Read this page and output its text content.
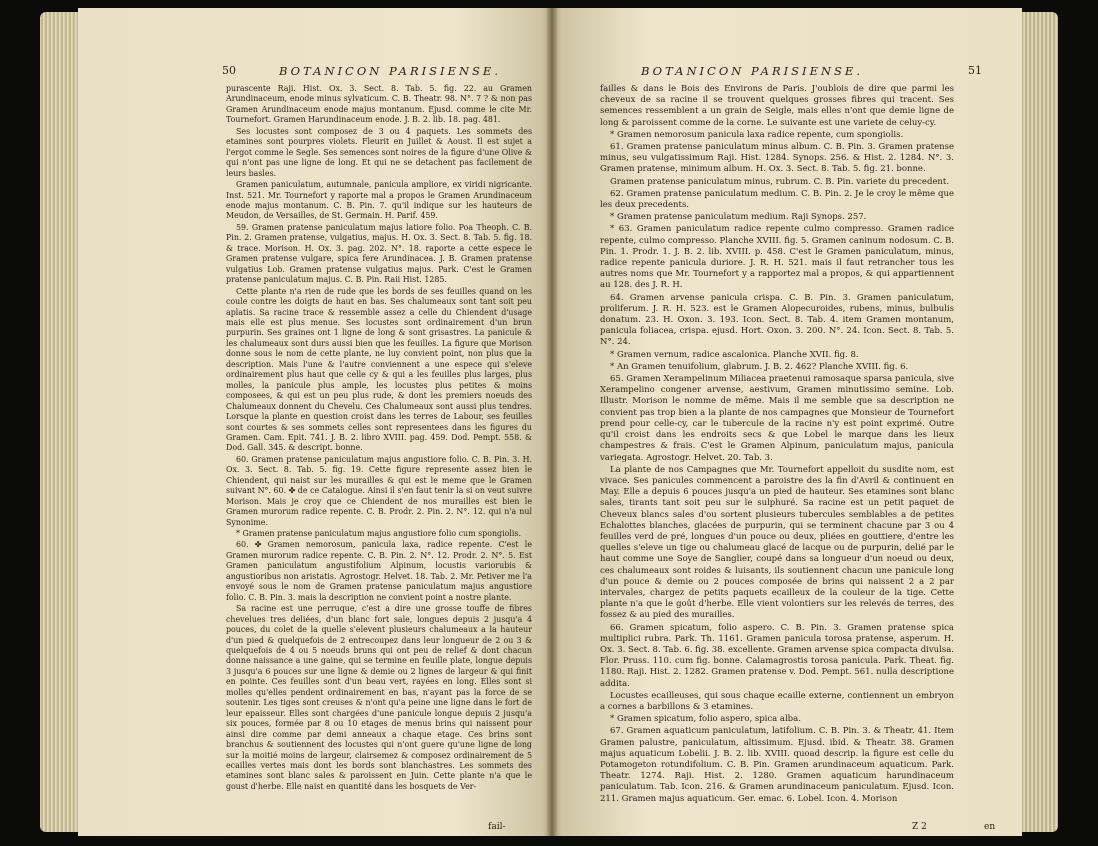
50	BOTANICON PARISIENSE.

purascente Raji. Hist. Ox. 3. Sect. 8. Tab. 5. fig. 22. au Gramen Arundinaceum, enode minus sylvaticum. C. B. Theatr. 98. N°. 7 ? & non pas Gramen Arundinaceum enode majus montanum. Ejusd. comme le cite Mr. Tournefort. Gramen Harundinaceum enode. J. B. 2. lib. 18. pag. 481.

Ses locustes sont composez de 3 ou 4 paquets. Les sommets des etamines sont pourpres violets. Fleurit en Juillet & Aoust. Il est sujet a l'ergot comme le Segle. Ses semences sont noires de la figure d'une Olive & qui n'ont pas une ligne de long. Et qui ne se detachent pas facilement de leurs basles.

Gramen paniculatum, autumnale, panicula ampliore, ex viridi nigricante. Inst. 521. Mr. Tournefort y raporte mal a propos le Gramen Arundinaceum enode majus montanum. C. B. Pin. 7. qu'il indique sur les hauteurs de Meudon, de Versailles, de St. Germain. H. Parif. 459.

59. Gramen pratense paniculatum majus latiore folio. Poa Theoph. C. B. Pin. 2. Gramen pratense, vulgatius, majus. H. Ox. 3. Sect. 8. Tab. 5. fig. 18. & trace. Morison. H. Ox. 3. pag. 202. N°. 18. raporte a cette espece le Gramen pratense vulgare, spica fere Arundinacea. J. B. Gramen pratense vulgatius Lob. Gramen pratense vulgatius majus. Park. C'est le Gramen pratense paniculatum majus. C. B. Pin. Raii Hist. 1285.

Cette plante n'a rien de rude que les bords de ses feuilles quand on les coule contre les doigts de haut en bas. Ses chalumeaux sont tant soit peu aplatis. Sa racine trace & ressemble assez a celle du Chiendent d'usage mais elle est plus menue. Ses locustes sont ordinairement d'un brun purpurin. Ses graines ont 1 ligne de long & sont grisastres. La panicule & les chalumeaux sont durs aussi bien que les feuilles. La figure que Morison donne sous le nom de cette plante, ne luy convient point, non plus que la description. Mais l'une & l'autre conviennent a une espece qui s'eleve ordinairement plus haut que celle cy & qui a les feuilles plus larges, plus molles, la panicule plus ample, les locustes plus petites & moins composees, & qui est un peu plus rude, & dont les premiers noeuds des Chalumeaux donnent du Chevelu. Ces Chalumeaux sont aussi plus tendres. Lorsque la plante en question croist dans les terres de Labour, ses feuilles sont courtes & ses sommets celles sont representees dans les figures du Gramen. Cam. Epit. 741. J. B. 2. libro XVIII. pag. 459. Dod. Pempt. 558. & Dod. Gall. 345. & descript. bonne.

60. Gramen pratense paniculatum majus angustiore folio. C. B. Pin. 3. H. Ox. 3. Sect. 8. Tab. 5. fig. 19. Cette figure represente assez bien le Chiendent, qui naist sur les murailles & qui est le meme que le Gramen suivant N°. 60. ✤ de ce Catalogue. Ainsi il s'en faut tenir la si on veut suivre Morison. Mais je croy que ce Chiendent de nos murailles est bien le Gramen murorum radice repente. C. B. Prodr. 2. Pin. 2. N°. 12. qui n'a nul Synonime.

* Gramen pratense paniculatum majus angustiore folio cum spongiolis.

60. ✤ Gramen nemorosum, panicula laxa, radice repente. C'est le Gramen murorum radice repente. C. B. Pin. 2. N°. 12. Prodr. 2. N°. 5. Est Gramen paniculatum angustifolium Alpinum, locustis variorubis & angustioribus non aristatis. Agrostogr. Helvet. 18. Tab. 2. Mr. Petiver me l'a envoyé sous le nom de Gramen pratense paniculatum majus angustiore folio. C. B. Pin. 3. mais la description ne convient point a nostre plante.

Sa racine est une perruque, c'est a dire une grosse touffe de fibres chevelues tres deliées, d'un blanc fort sale, longues depuis 2 jusqu'a 4 pouces, du colet de la quelle s'elevent plusieurs chalumeaux a la hauteur d'un pied & quelquefois de 2 entrecoupez dans leur longueur de 2 ou 3 & quelquefois de 4 ou 5 noeuds bruns qui ont peu de relief & dont chacun donne naissance a une gaine, qui se termine en feuille plate, longue depuis 3 jusqu'a 6 pouces sur une ligne & demie ou 2 lignes de largeur & qui finit en pointe. Ces feuilles sont d'un beau vert, rayées en long. Elles sont si molles qu'elles pendent ordinairement en bas, n'ayant pas la force de se soutenir. Les tiges sont creuses & n'ont qu'a peine une ligne dans le fort de leur epaisseur. Elles sont chargées d'une panicule longue depuis 2 jusqu'a six pouces, formée par 8 ou 10 etages de menus brins qui naissent pour ainsi dire comme par demi anneaux a chaque etage. Ces brins sont branchus & soutiennent des locustes qui n'ont guere qu'une ligne de long sur la moitié moins de largeur, clairsemez & composez ordinairement de 5 ecailles vertes mais dont les bords sont blanchastres. Les sommets des etamines sont blanc sales & paroissent en Juin. Cette plante n'a que le goust d'herbe. Elle naist en quantité dans les bosquets de Ver-

fail-
BOTANICON PARISIENSE.	51

failles & dans le Bois des Environs de Paris. J'oublois de dire que parmi les cheveux de sa racine il se trouvent quelques grosses fibres qui tracent. Ses semences ressemblent a un grain de Seigle, mais elles n'ont que demie ligne de long & paroissent comme de la corne. Le suivante est une variete de celuy-cy.

* Gramen nemorosum panicula laxa radice repente, cum spongiolis.

61. Gramen pratense paniculatum minus album. C. B. Pin. 3. Gramen pratense minus, seu vulgatissimum Raji. Hist. 1284. Synops. 256. & Hist. 2. 1284. N°. 3. Gramen pratense, minimum album. H. Ox. 3. Sect. 8. Tab. 5. fig. 21. bonne.

Gramen pratense paniculatum minus, rubrum. C. B. Pin. variete du precedent.

62. Gramen pratense paniculatum medium. C. B. Pin. 2. Je le croy le même que les deux precedents.

* Gramen pratense paniculatum medium. Raji Synops. 257.

* 63. Gramen paniculatum radice repente culmo compresso. Gramen radice repente, culmo compresso. Planche XVIII. fig. 5. Gramen caninum nodosum. C. B. Pin. 1. Prodr. 1. J. B. 2. lib. XVIII. p. 458. C'est le Gramen paniculatum, minus, radice repente panicula duriore. J. R. H. 521. mais il faut retrancher tous les autres noms que Mr. Tournefort y a rapportez mal a propos, & qui appartiennent au 128. des J. R. H.

64. Gramen arvense panicula crispa. C. B. Pin. 3. Gramen paniculatum, proliferum. J. R. H. 523. est le Gramen Alopecuroides, rubens, minus, bulbulis donatum. 23. H. Oxon. 3. 193. Icon. Sect. 8. Tab. 4. item Gramen montanum, panicula foliacea, crispa. ejusd. Hort. Oxon. 3. 200. N°. 24. Icon. Sect. 8. Tab. 5. N°. 24.

* Gramen vernum, radice ascalonica. Planche XVII. fig. 8.

* An Gramen tenuifolium, glabrum. J. B. 2. 462? Planche XVIII. fig. 6.

65. Gramen Xerampelinum Miliacea praetenui ramosaque sparsa panicula, sive Xerampelino congener arvense, aestivum, Gramen minutissimo semine. Lob. Illustr. Morison le nomme de même. Mais il me semble que sa description ne convient pas trop bien a la plante de nos campagnes que Monsieur de Tournefort prend pour celle-cy, car le tubercule de la racine n'y est point exprimé. Outre qu'il croist dans les endroits secs & que Lobel le marque dans les lieux champestres & frais. C'est le Gramen Alpinum, paniculatum majus, panicula variegata. Agrostogr. Helvet. 20. Tab. 3.

La plante de nos Campagnes que Mr. Tournefort appelloit du susdite nom, est vivace. Ses panicules commencent a paroistre des la fin d'Avril & continuent en May. Elle a depuis 6 pouces jusqu'a un pied de hauteur. Ses etamines sont blanc sales, tirants tant soit peu sur le sulphuré. Sa racine est un petit paquet de Cheveux blancs sales d'ou sortent plusieurs tubercules semblables a de petites Echalottes blanches, glacées de purpurin, qui se terminent chacune par 3 ou 4 feuilles verd de pré, longues d'un pouce ou deux, pliées en gouttiere, d'entre les quelles s'eleve un tige ou chalumeau glacé de lacque ou de purpurin, delié par le haut comme une Soye de Sanglier, coupé dans sa longueur d'un noeud ou deux, ces chalumeaux sont roides & luisants, ils soutiennent chacun une panicule long d'un pouce & demie ou 2 pouces composée de brins qui naissent 2 a 2 par intervales, chargez de petits paquets ecailleux de la couleur de la tige. Cette plante n'a que le goût d'herbe. Elle vient volontiers sur les relevés de terres, des fossez & au pied des murailles.

66. Gramen spicatum, folio aspero. C. B. Pin. 3. Gramen pratense spica multiplici rubra. Park. Th. 1161. Gramen panicula torosa pratense, asperum. H. Ox. 3. Sect. 8. Tab. 6. fig. 38. excellente. Gramen arvense spica compacta divulsa. Flor. Pruss. 110. cum fig. bonne. Calamagrostis torosa panicula. Park. Theat. fig. 1180. Raji. Hist. 2. 1282. Gramen pratense v. Dod. Pempt. 561. nulla descriptione addita.

Locustes ecailleuses, qui sous chaque ecaille externe, contiennent un embryon a cornes a barbillons & 3 etamines.

* Gramen spicatum, folio aspero, spica alba.

67. Gramen aquaticum paniculatum, latifolium. C. B. Pin. 3. & Theatr. 41. Item Gramen palustre, paniculatum, altissimum. Ejusd. ibid. & Theatr. 38. Gramen majus aquaticum Lobelii. J. B. 2. lib. XVIII. quoad descrip. la figure est celle du Potamogeton rotundifolium. C. B. Pin. Gramen arundinaceum aquaticum. Park. Theatr. 1274. Raji. Hist. 2. 1280. Gramen aquaticum harundinaceum paniculatum. Tab. Icon. 216. & Gramen arundinaceum paniculatum. Ejusd. Icon. 211. Gramen majus aquaticum. Ger. emac. 6. Lobel. Icon. 4. Morison

Z 2	en
